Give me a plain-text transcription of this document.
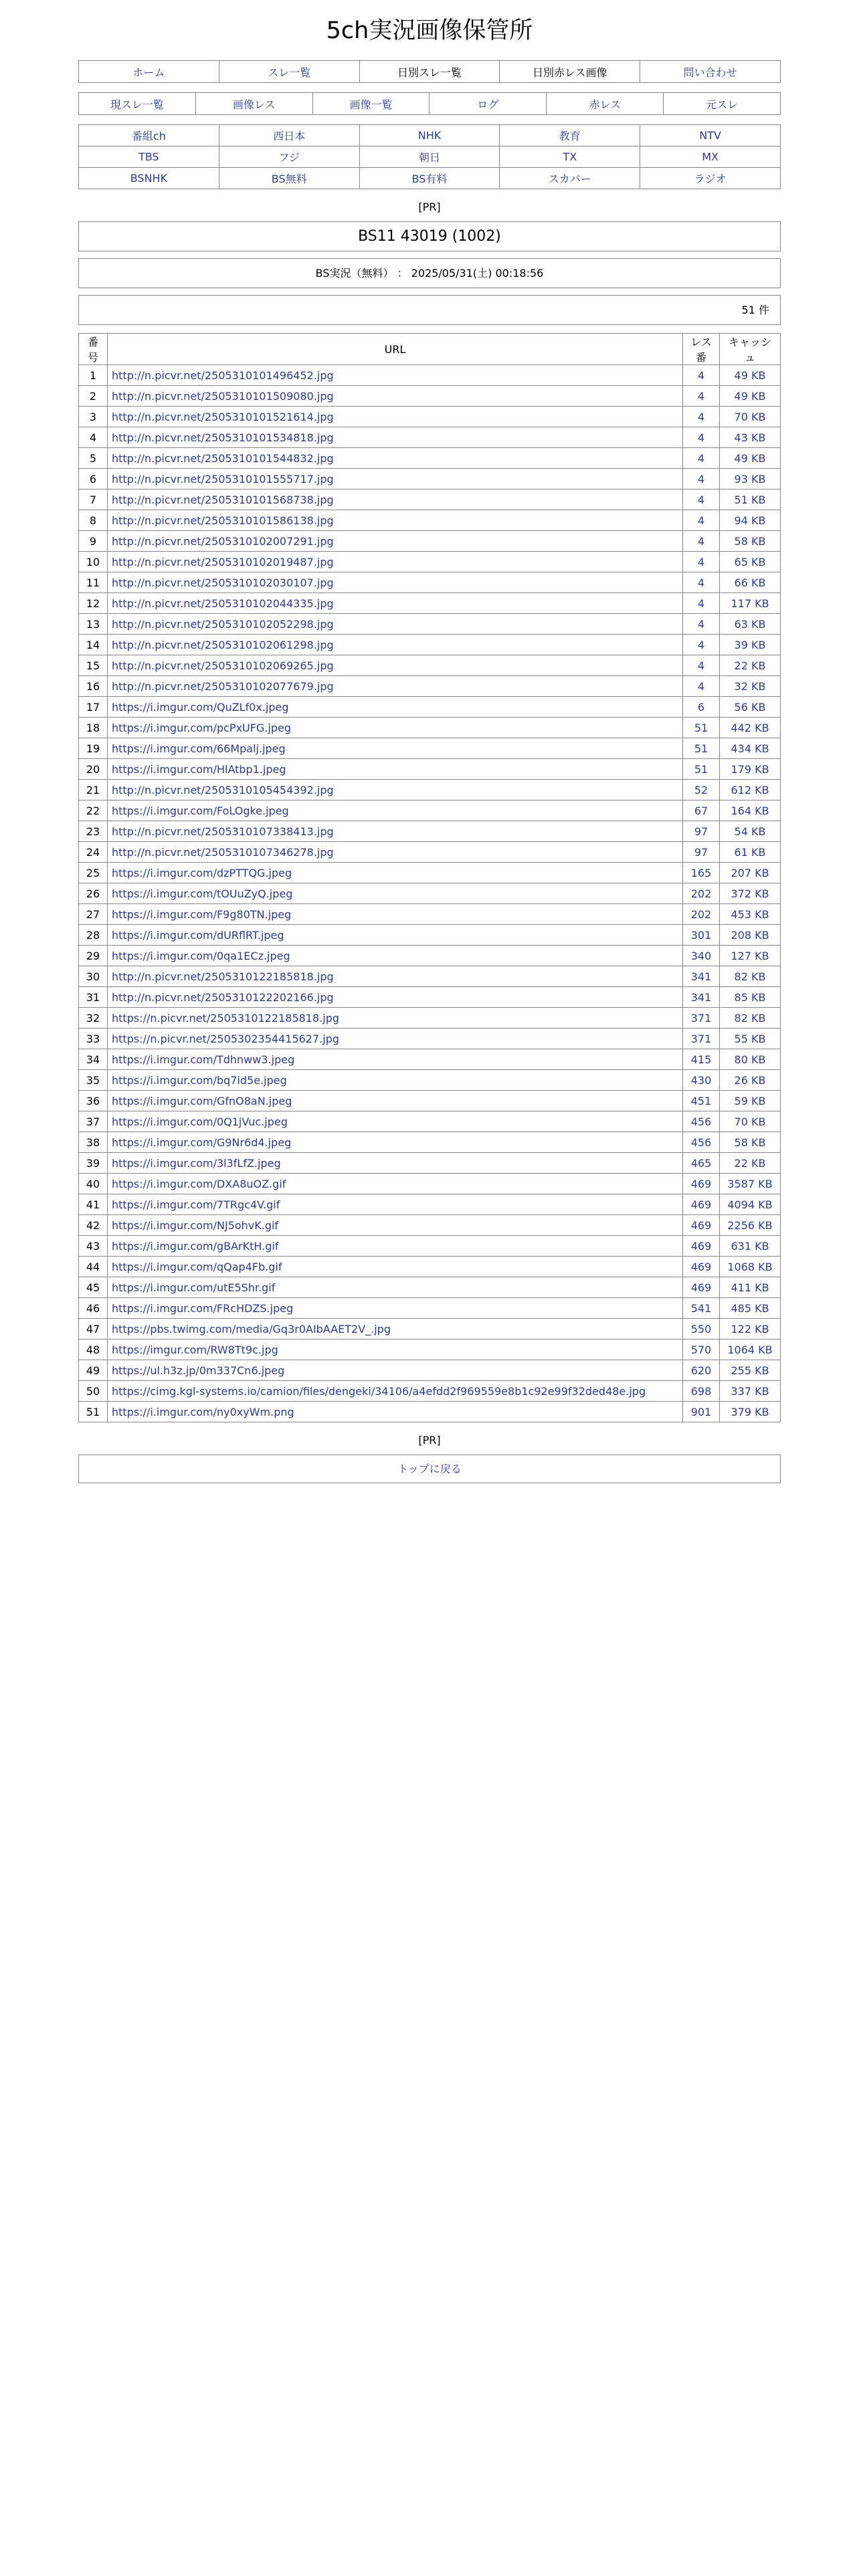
5ch実況画像保管所
ホーム	スレ一覧	日別スレ一覧	日別赤レス画像	問い合わせ
現スレ一覧	画像レス	画像一覧	ログ	赤レス	元スレ
番組ch	西日本	NHK	教育	NTV
TBS	フジ	朝日	TX	MX
BSNHK	BS無料	BS有料	スカパー	ラジオ
[PR]
BS11 43019 (1002)
BS実況（無料） ： 2025/05/31(土) 00:18:56
51 件
番号	URL	レス番	キャッシュ
1	http://n.picvr.net/2505310101496452.jpg	4	49 KB
2	http://n.picvr.net/2505310101509080.jpg	4	49 KB
3	http://n.picvr.net/2505310101521614.jpg	4	70 KB
4	http://n.picvr.net/2505310101534818.jpg	4	43 KB
5	http://n.picvr.net/2505310101544832.jpg	4	49 KB
6	http://n.picvr.net/2505310101555717.jpg	4	93 KB
7	http://n.picvr.net/2505310101568738.jpg	4	51 KB
8	http://n.picvr.net/2505310101586138.jpg	4	94 KB
9	http://n.picvr.net/2505310102007291.jpg	4	58 KB
10	http://n.picvr.net/2505310102019487.jpg	4	65 KB
11	http://n.picvr.net/2505310102030107.jpg	4	66 KB
12	http://n.picvr.net/2505310102044335.jpg	4	117 KB
13	http://n.picvr.net/2505310102052298.jpg	4	63 KB
14	http://n.picvr.net/2505310102061298.jpg	4	39 KB
15	http://n.picvr.net/2505310102069265.jpg	4	22 KB
16	http://n.picvr.net/2505310102077679.jpg	4	32 KB
17	https://i.imgur.com/QuZLf0x.jpeg	6	56 KB
18	https://i.imgur.com/pcPxUFG.jpeg	51	442 KB
19	https://i.imgur.com/66Mpalj.jpeg	51	434 KB
20	https://i.imgur.com/HlAtbp1.jpeg	51	179 KB
21	http://n.picvr.net/2505310105454392.jpg	52	612 KB
22	https://i.imgur.com/FoLOgke.jpeg	67	164 KB
23	http://n.picvr.net/2505310107338413.jpg	97	54 KB
24	http://n.picvr.net/2505310107346278.jpg	97	61 KB
25	https://i.imgur.com/dzPTTQG.jpeg	165	207 KB
26	https://i.imgur.com/tOUuZyQ.jpeg	202	372 KB
27	https://i.imgur.com/F9g80TN.jpeg	202	453 KB
28	https://i.imgur.com/dURflRT.jpeg	301	208 KB
29	https://i.imgur.com/0qa1ECz.jpeg	340	127 KB
30	http://n.picvr.net/2505310122185818.jpg	341	82 KB
31	http://n.picvr.net/2505310122202166.jpg	341	85 KB
32	https://n.picvr.net/2505310122185818.jpg	371	82 KB
33	https://n.picvr.net/2505302354415627.jpg	371	55 KB
34	https://i.imgur.com/Tdhnww3.jpeg	415	80 KB
35	https://i.imgur.com/bq7id5e.jpeg	430	26 KB
36	https://i.imgur.com/GfnO8aN.jpeg	451	59 KB
37	https://i.imgur.com/0Q1jVuc.jpeg	456	70 KB
38	https://i.imgur.com/G9Nr6d4.jpeg	456	58 KB
39	https://i.imgur.com/3l3fLfZ.jpeg	465	22 KB
40	https://i.imgur.com/DXA8uOZ.gif	469	3587 KB
41	https://i.imgur.com/7TRgc4V.gif	469	4094 KB
42	https://i.imgur.com/NJ5ohvK.gif	469	2256 KB
43	https://i.imgur.com/gBArKtH.gif	469	631 KB
44	https://i.imgur.com/qQap4Fb.gif	469	1068 KB
45	https://i.imgur.com/utE5Shr.gif	469	411 KB
46	https://i.imgur.com/FRcHDZS.jpeg	541	485 KB
47	https://pbs.twimg.com/media/Gq3r0AIbAAET2V_.jpg	550	122 KB
48	https://imgur.com/RW8Tt9c.jpg	570	1064 KB
49	https://ul.h3z.jp/0m337Cn6.jpeg	620	255 KB
50	https://cimg.kgl-systems.io/camion/files/dengeki/34106/a4efdd2f969559e8b1c92e99f32ded48e.jpg	698	337 KB
51	https://i.imgur.com/ny0xyWm.png	901	379 KB
[PR]
トップに戻る
